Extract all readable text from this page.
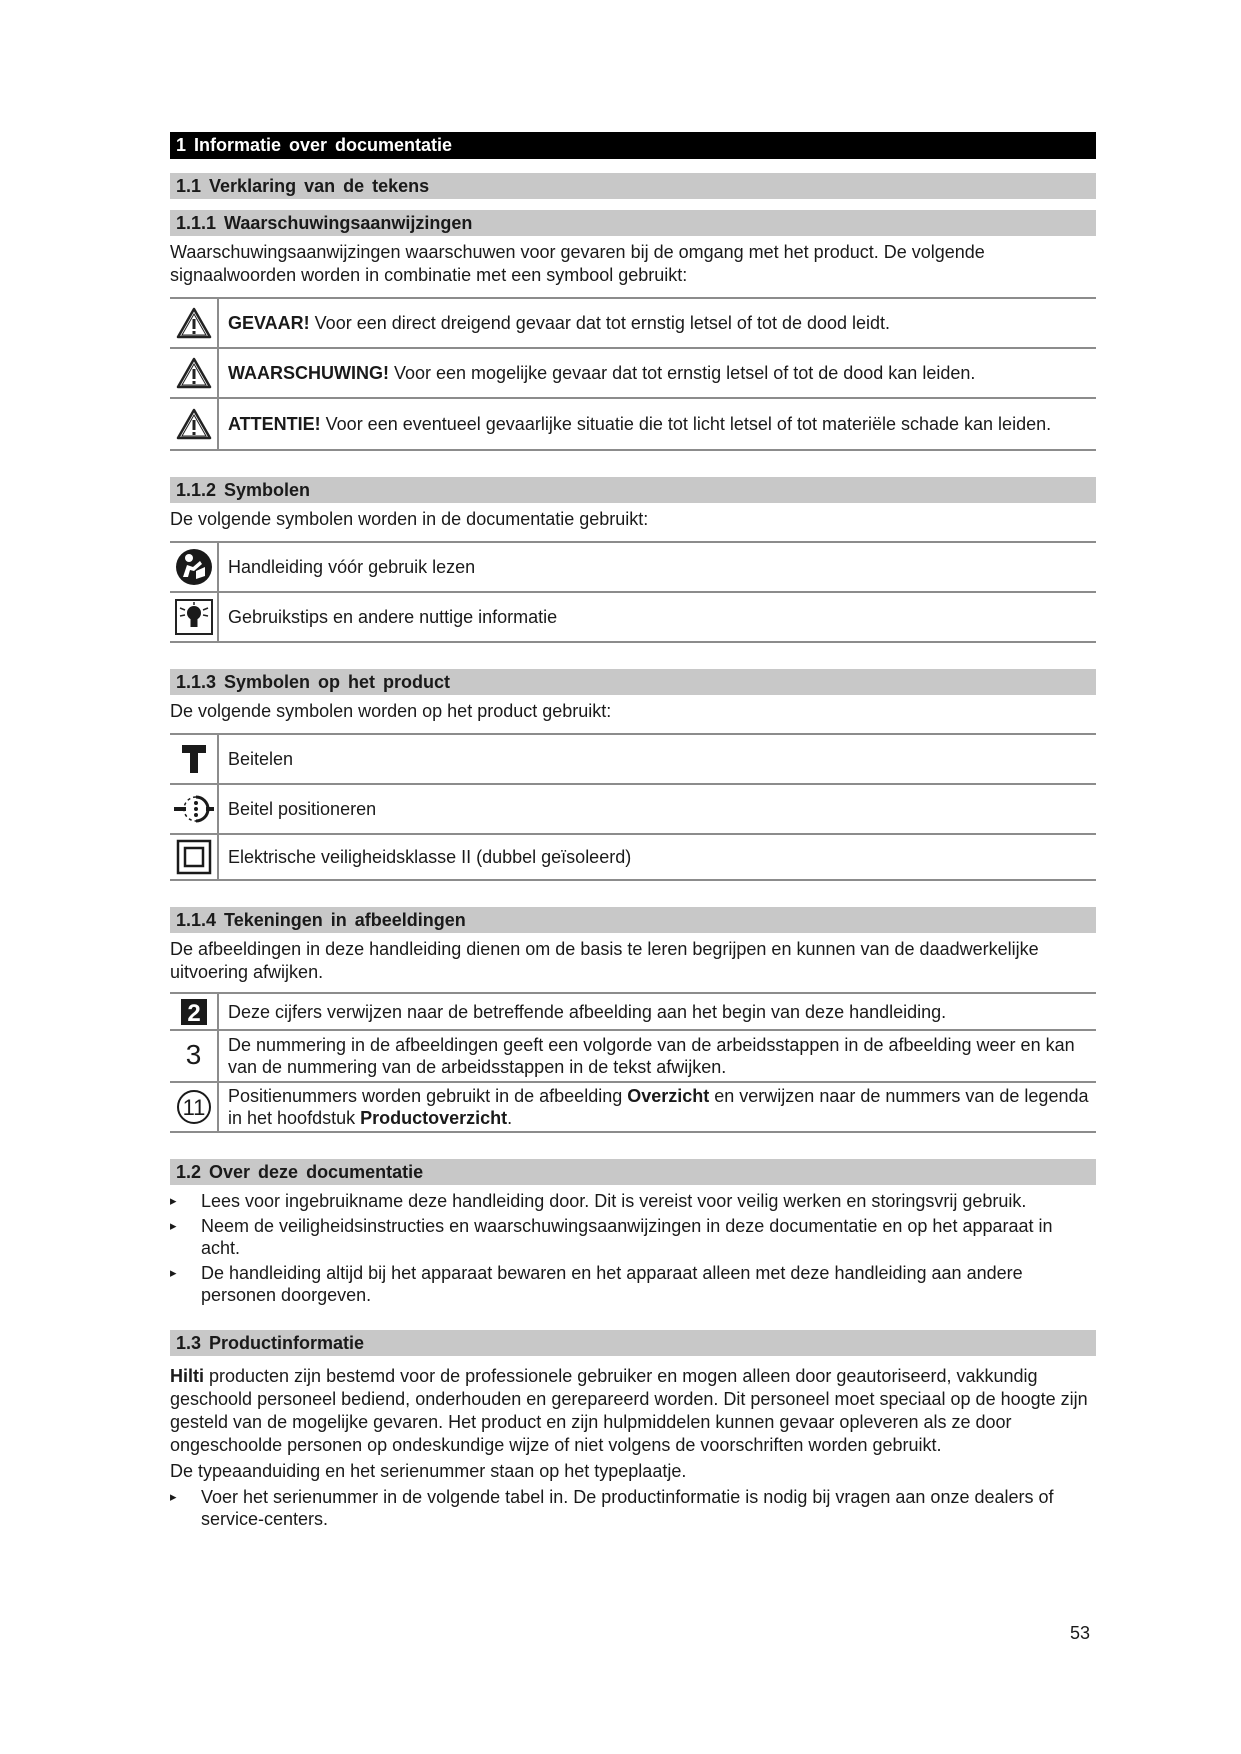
1 Informatie over documentatie
1.1 Verklaring van de tekens
1.1.1 Waarschuwingsaanwijzingen

Waarschuwingsaanwijzingen waarschuwen voor gevaren bij de omgang met het product. De volgende signaalwoorden worden in combinatie met een symbool gebruikt:

	GEVAAR! Voor een direct dreigend gevaar dat tot ernstig letsel of tot de dood leidt.

	WAARSCHUWING! Voor een mogelijke gevaar dat tot ernstig letsel of tot de dood kan leiden.

	ATTENTIE! Voor een eventueel gevaarlijke situatie die tot licht letsel of tot materiële schade kan leiden.
1.1.2 Symbolen

De volgende symbolen worden in de documentatie gebruikt:

	Handleiding vóór gebruik lezen

	Gebruikstips en andere nuttige informatie
1.1.3 Symbolen op het product

De volgende symbolen worden op het product gebruikt:

	Beitelen

	Beitel positioneren

	Elektrische veiligheidsklasse II (dubbel geïsoleerd)
1.1.4 Tekeningen in afbeeldingen

De afbeeldingen in deze handleiding dienen om de basis te leren begrijpen en kunnen van de daadwerkelijke uitvoering afwijken.

2	Deze cijfers verwijzen naar de betreffende afbeelding aan het begin van deze handleiding.
3	De nummering in de afbeeldingen geeft een volgorde van de arbeidsstappen in de afbeelding weer en kan van de nummering van de arbeidsstappen in de tekst afwijken.

11	Positienummers worden gebruikt in de afbeelding Overzicht en verwijzen naar de nummers van de legenda in het hoofdstuk Productoverzicht.
1.2 Over deze documentatie
▸ Lees voor ingebruikname deze handleiding door. Dit is vereist voor veilig werken en storingsvrij gebruik.
▸ Neem de veiligheidsinstructies en waarschuwingsaanwijzingen in deze documentatie en op het apparaat in acht.
▸ De handleiding altijd bij het apparaat bewaren en het apparaat alleen met deze handleiding aan andere personen doorgeven.
1.3 Productinformatie

Hilti producten zijn bestemd voor de professionele gebruiker en mogen alleen door geautoriseerd, vakkundig geschoold personeel bediend, onderhouden en gerepareerd worden. Dit personeel moet speciaal op de hoogte zijn gesteld van de mogelijke gevaren. Het product en zijn hulpmiddelen kunnen gevaar opleveren als ze door ongeschoolde personen op ondeskundige wijze of niet volgens de voorschriften worden gebruikt.

De typeaanduiding en het serienummer staan op het typeplaatje.

▸ Voer het serienummer in de volgende tabel in. De productinformatie is nodig bij vragen aan onze dealers of service-centers.
53
